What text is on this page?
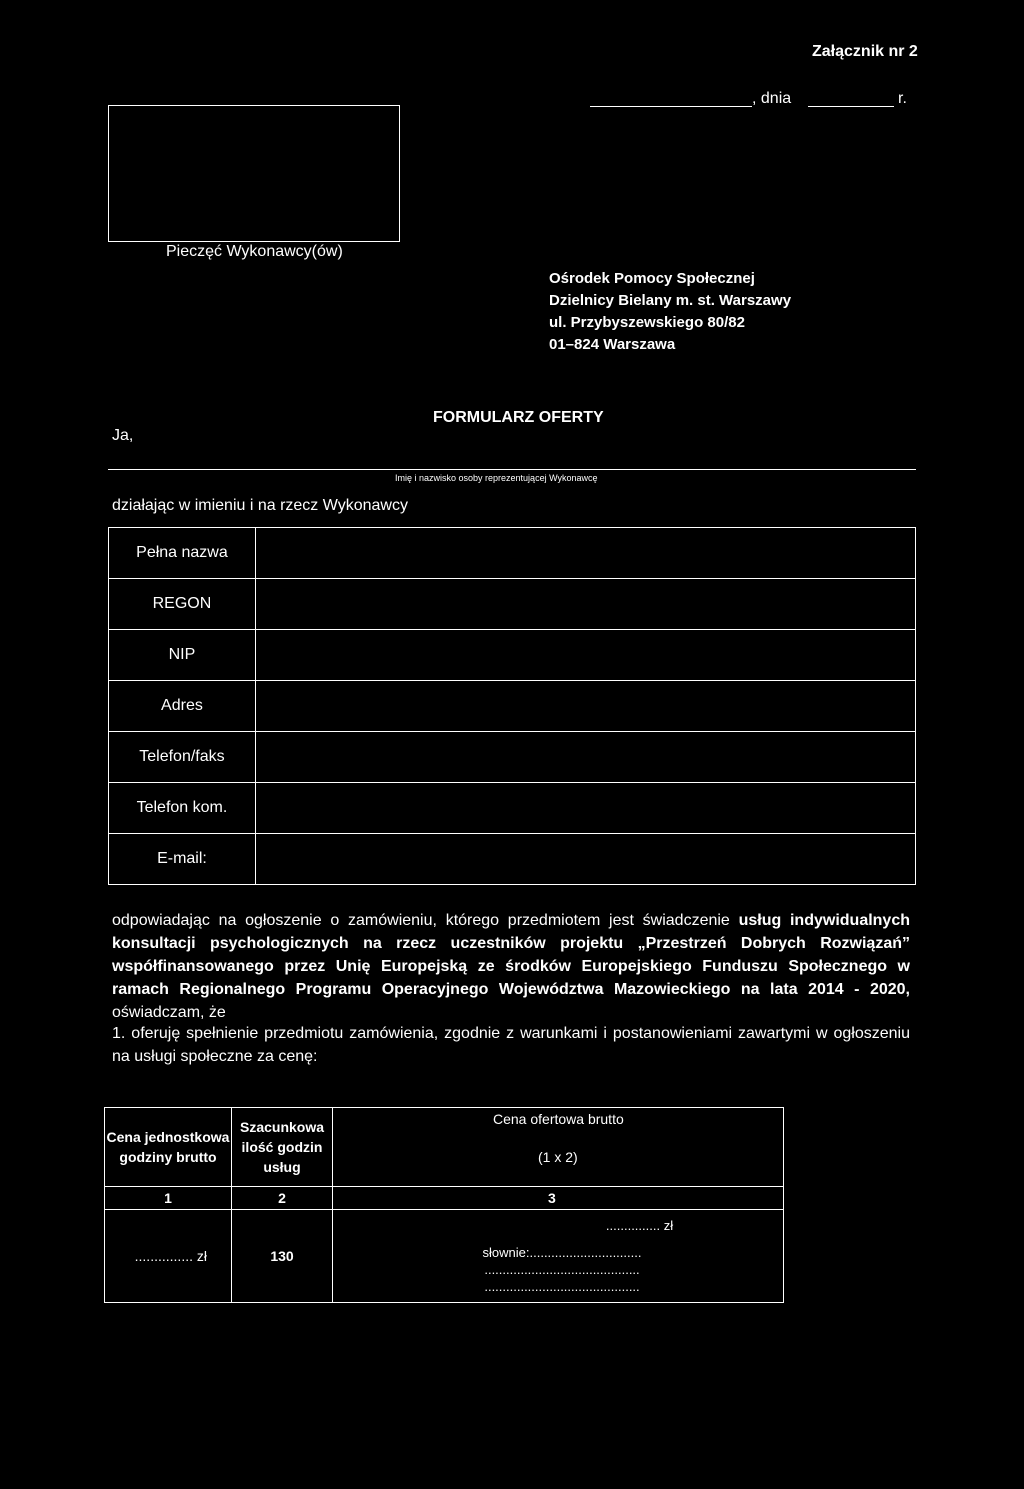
Załącznik nr 2
, dnia	r.
Pieczęć Wykonawcy(ów)
Ośrodek Pomocy Społecznej
Dzielnicy Bielany m. st. Warszawy
ul. Przybyszewskiego 80/82
01–824 Warszawa
FORMULARZ OFERTY
Ja,
Imię i nazwisko osoby reprezentującej Wykonawcę
działając w imieniu i na rzecz Wykonawcy
Pełna nazwa	
REGON	
NIP	
Adres	
Telefon/faks	
Telefon kom.	
E-mail:	
odpowiadając na ogłoszenie o zamówieniu, którego przedmiotem jest świadczenie usług indywidualnych konsultacji psychologicznych na rzecz uczestników projektu „Przestrzeń Dobrych Rozwiązań” współfinansowanego przez Unię Europejską ze środków Europejskiego Funduszu Społecznego w ramach Regionalnego Programu Operacyjnego Województwa Mazowieckiego na lata 2014 - 2020, oświadczam, że
1. oferuję spełnienie przedmiotu zamówienia, zgodnie z warunkami i postanowieniami zawartymi w ogłoszeniu na usługi społeczne za cenę:
Cena jednostkowa godziny brutto	Szacunkowa ilość godzin usług	Cena ofertowa brutto
(1 x 2)

1	2	3
............... zł	130	............... zł
słownie:...............................
...........................................
...........................................
